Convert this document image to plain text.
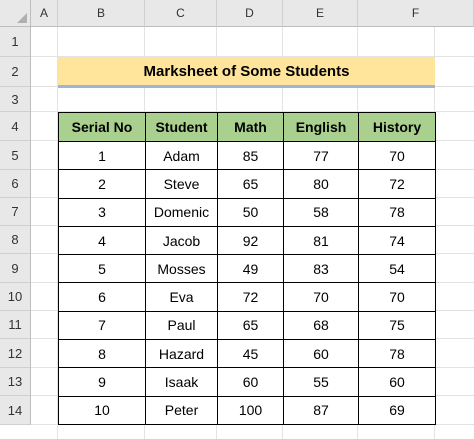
A	B	C	D	E	F
1
2
3
4
5
6
7
8
9
10
11
12
13
14
Marksheet of Some Students
Serial No	Student	Math	English	History
1	Adam	85	77	70
2	Steve	65	80	72
3	Domenic	50	58	78
4	Jacob	92	81	74
5	Mosses	49	83	54
6	Eva	72	70	70
7	Paul	65	68	75
8	Hazard	45	60	78
9	Isaak	60	55	60
10	Peter	100	87	69
